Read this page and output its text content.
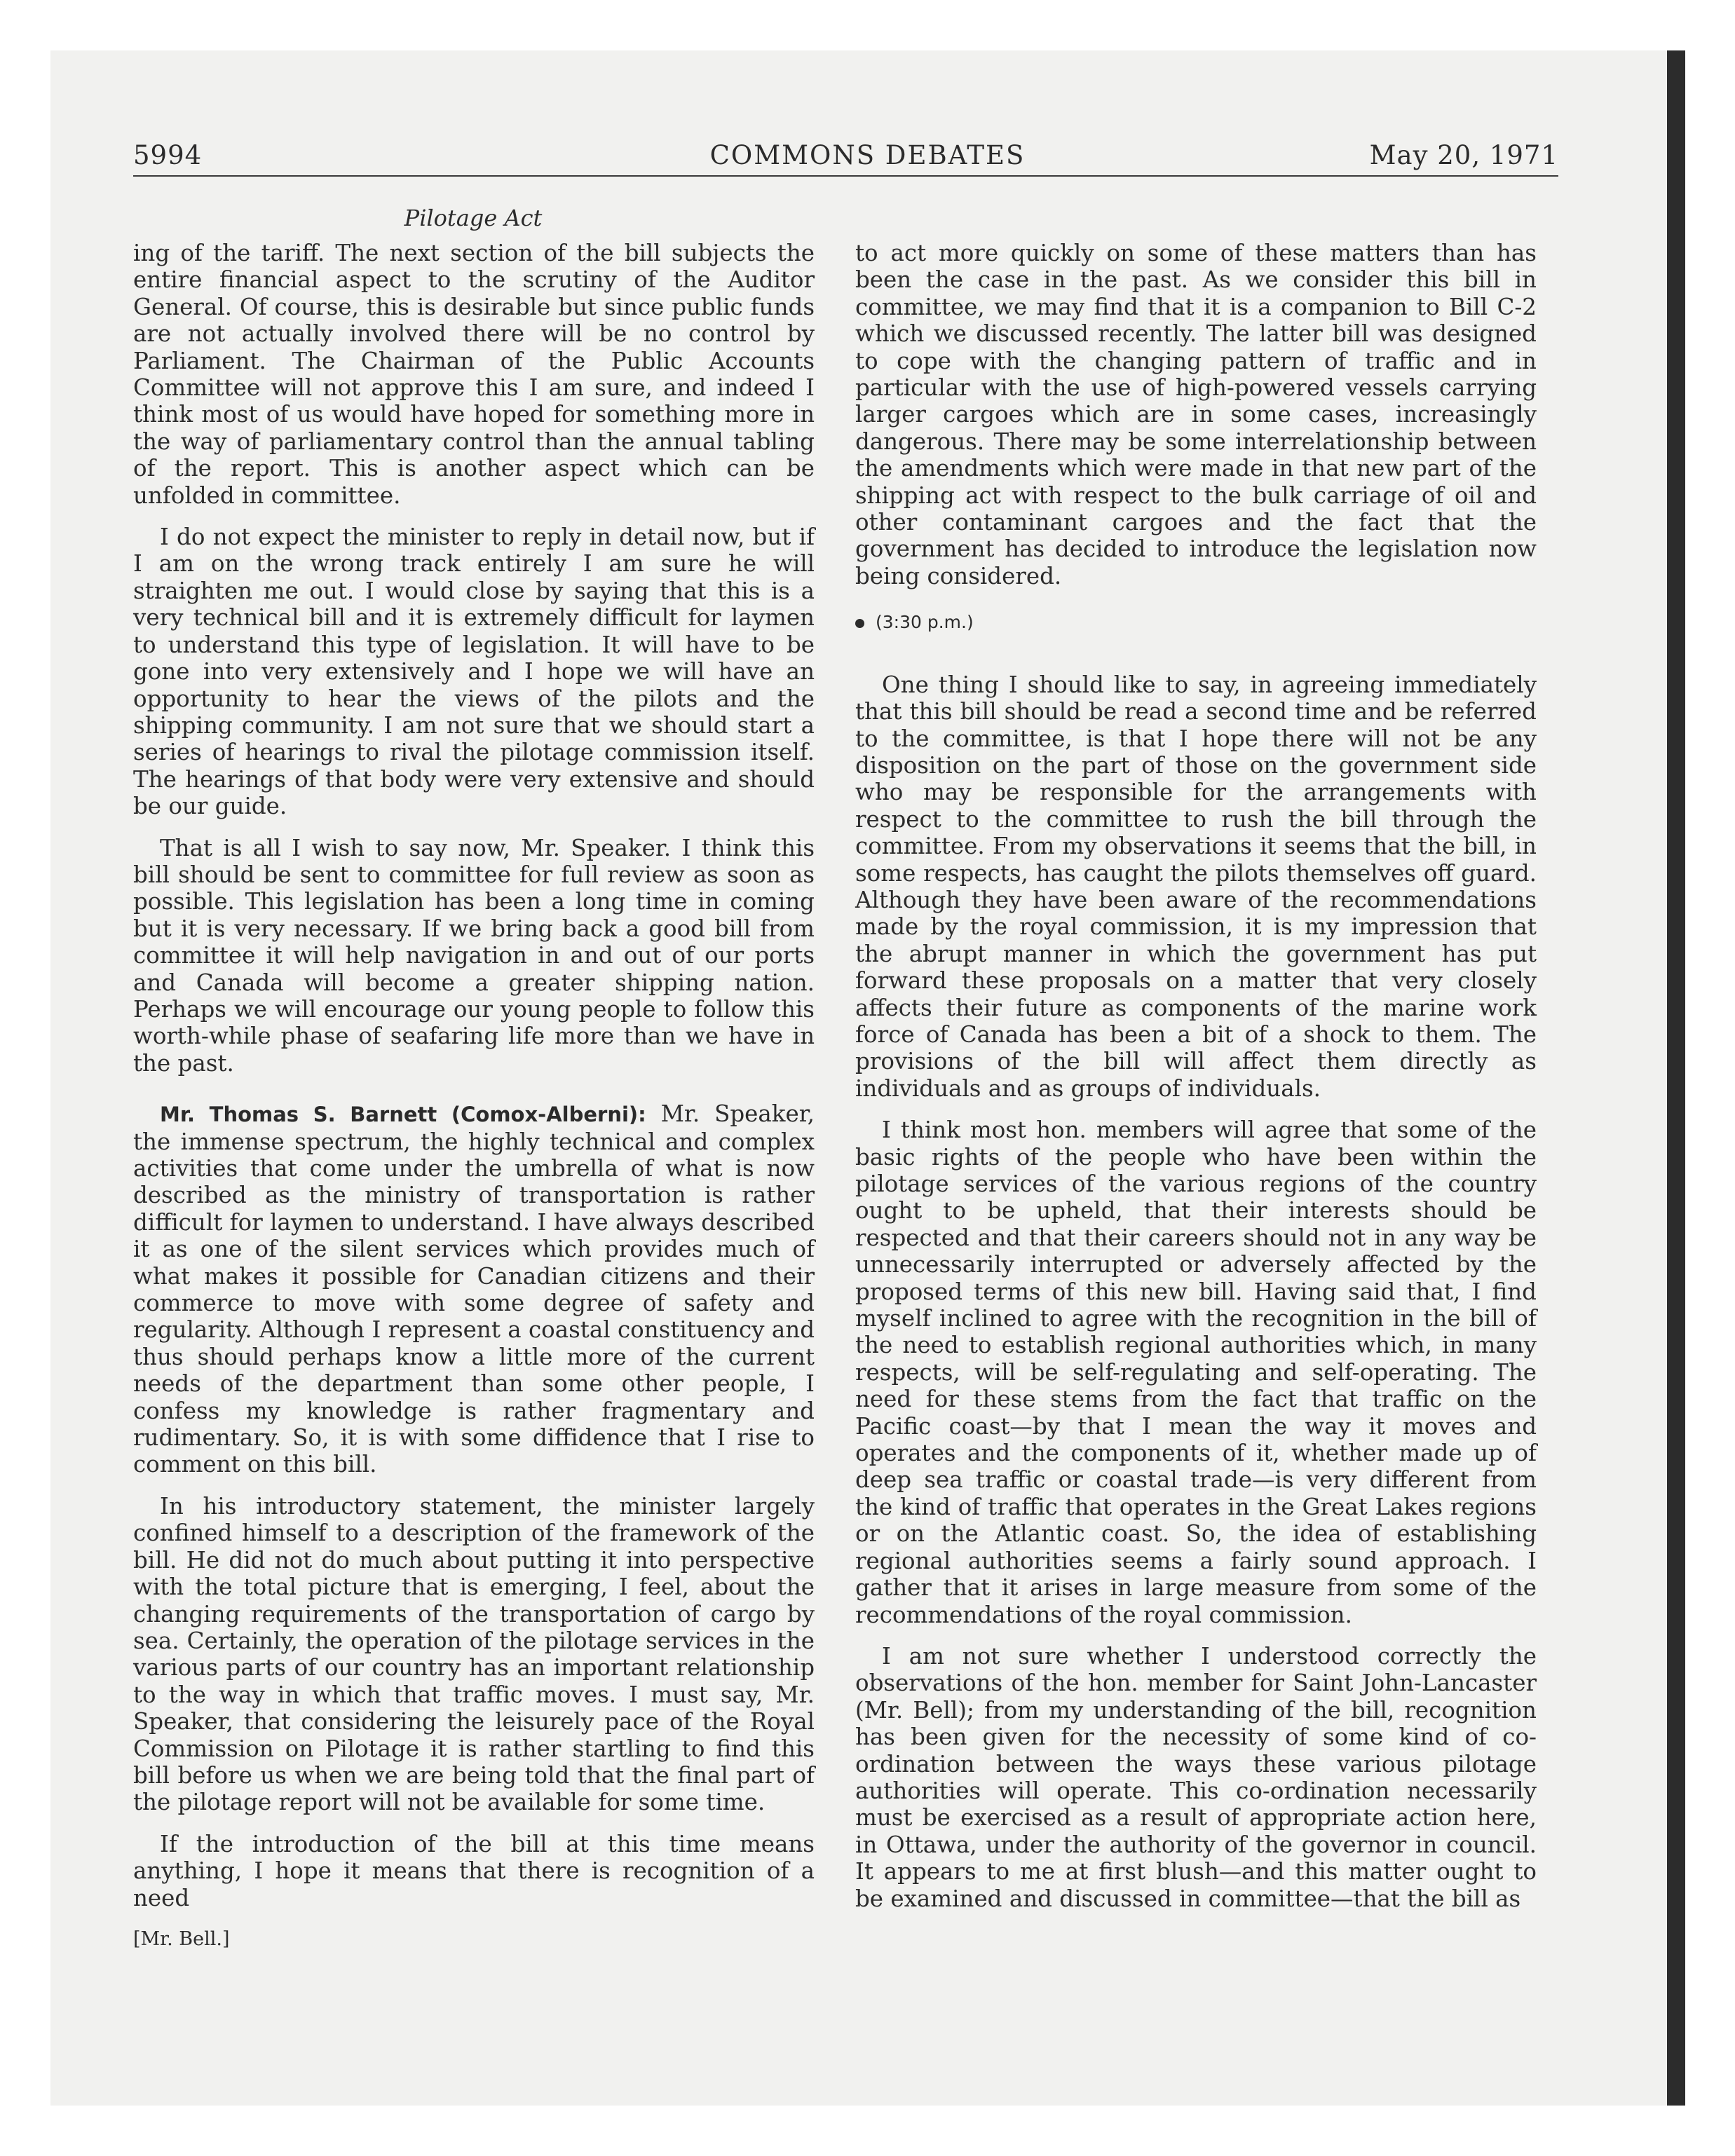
5994	COMMONS DEBATES	May 20, 1971
Pilotage Act

ing of the tariff. The next section of the bill subjects the entire financial aspect to the scrutiny of the Auditor General. Of course, this is desirable but since public funds are not actually involved there will be no control by Parliament. The Chairman of the Public Accounts Committee will not approve this I am sure, and indeed I think most of us would have hoped for something more in the way of parliamentary control than the annual tabling of the report. This is another aspect which can be unfolded in committee.

I do not expect the minister to reply in detail now, but if I am on the wrong track entirely I am sure he will straighten me out. I would close by saying that this is a very technical bill and it is extremely difficult for laymen to understand this type of legislation. It will have to be gone into very extensively and I hope we will have an opportunity to hear the views of the pilots and the shipping community. I am not sure that we should start a series of hearings to rival the pilotage commission itself. The hearings of that body were very extensive and should be our guide.

That is all I wish to say now, Mr. Speaker. I think this bill should be sent to committee for full review as soon as possible. This legislation has been a long time in coming but it is very necessary. If we bring back a good bill from committee it will help navigation in and out of our ports and Canada will become a greater shipping nation. Perhaps we will encourage our young people to follow this worth-while phase of seafaring life more than we have in the past.

Mr. Thomas S. Barnett (Comox-Alberni): Mr. Speaker, the immense spectrum, the highly technical and complex activities that come under the umbrella of what is now described as the ministry of transportation is rather difficult for laymen to understand. I have always described it as one of the silent services which provides much of what makes it possible for Canadian citizens and their commerce to move with some degree of safety and regularity. Although I represent a coastal constituency and thus should perhaps know a little more of the current needs of the department than some other people, I confess my knowledge is rather fragmentary and rudimentary. So, it is with some diffidence that I rise to comment on this bill.

In his introductory statement, the minister largely confined himself to a description of the framework of the bill. He did not do much about putting it into perspective with the total picture that is emerging, I feel, about the changing requirements of the transportation of cargo by sea. Certainly, the operation of the pilotage services in the various parts of our country has an important relationship to the way in which that traffic moves. I must say, Mr. Speaker, that considering the leisurely pace of the Royal Commission on Pilotage it is rather startling to find this bill before us when we are being told that the final part of the pilotage report will not be available for some time.

If the introduction of the bill at this time means anything, I hope it means that there is recognition of a need

[Mr. Bell.]

to act more quickly on some of these matters than has been the case in the past. As we consider this bill in committee, we may find that it is a companion to Bill C-2 which we discussed recently. The latter bill was designed to cope with the changing pattern of traffic and in particular with the use of high-powered vessels carrying larger cargoes which are in some cases, increasingly dangerous. There may be some interrelationship between the amendments which were made in that new part of the shipping act with respect to the bulk carriage of oil and other contaminant cargoes and the fact that the government has decided to introduce the legislation now being considered.

(3:30 p.m.)

One thing I should like to say, in agreeing immediately that this bill should be read a second time and be referred to the committee, is that I hope there will not be any disposition on the part of those on the government side who may be responsible for the arrangements with respect to the committee to rush the bill through the committee. From my observations it seems that the bill, in some respects, has caught the pilots themselves off guard. Although they have been aware of the recommendations made by the royal commission, it is my impression that the abrupt manner in which the government has put forward these proposals on a matter that very closely affects their future as components of the marine work force of Canada has been a bit of a shock to them. The provisions of the bill will affect them directly as individuals and as groups of individuals.

I think most hon. members will agree that some of the basic rights of the people who have been within the pilotage services of the various regions of the country ought to be upheld, that their interests should be respected and that their careers should not in any way be unnecessarily interrupted or adversely affected by the proposed terms of this new bill. Having said that, I find myself inclined to agree with the recognition in the bill of the need to establish regional authorities which, in many respects, will be self-regulating and self-operating. The need for these stems from the fact that traffic on the Pacific coast—by that I mean the way it moves and operates and the components of it, whether made up of deep sea traffic or coastal trade—is very different from the kind of traffic that operates in the Great Lakes regions or on the Atlantic coast. So, the idea of establishing regional authorities seems a fairly sound approach. I gather that it arises in large measure from some of the recommendations of the royal commission.

I am not sure whether I understood correctly the observations of the hon. member for Saint John-Lancaster (Mr. Bell); from my understanding of the bill, recognition has been given for the necessity of some kind of co-ordination between the ways these various pilotage authorities will operate. This co-ordination necessarily must be exercised as a result of appropriate action here, in Ottawa, under the authority of the governor in council. It appears to me at first blush—and this matter ought to be examined and discussed in committee—that the bill as
